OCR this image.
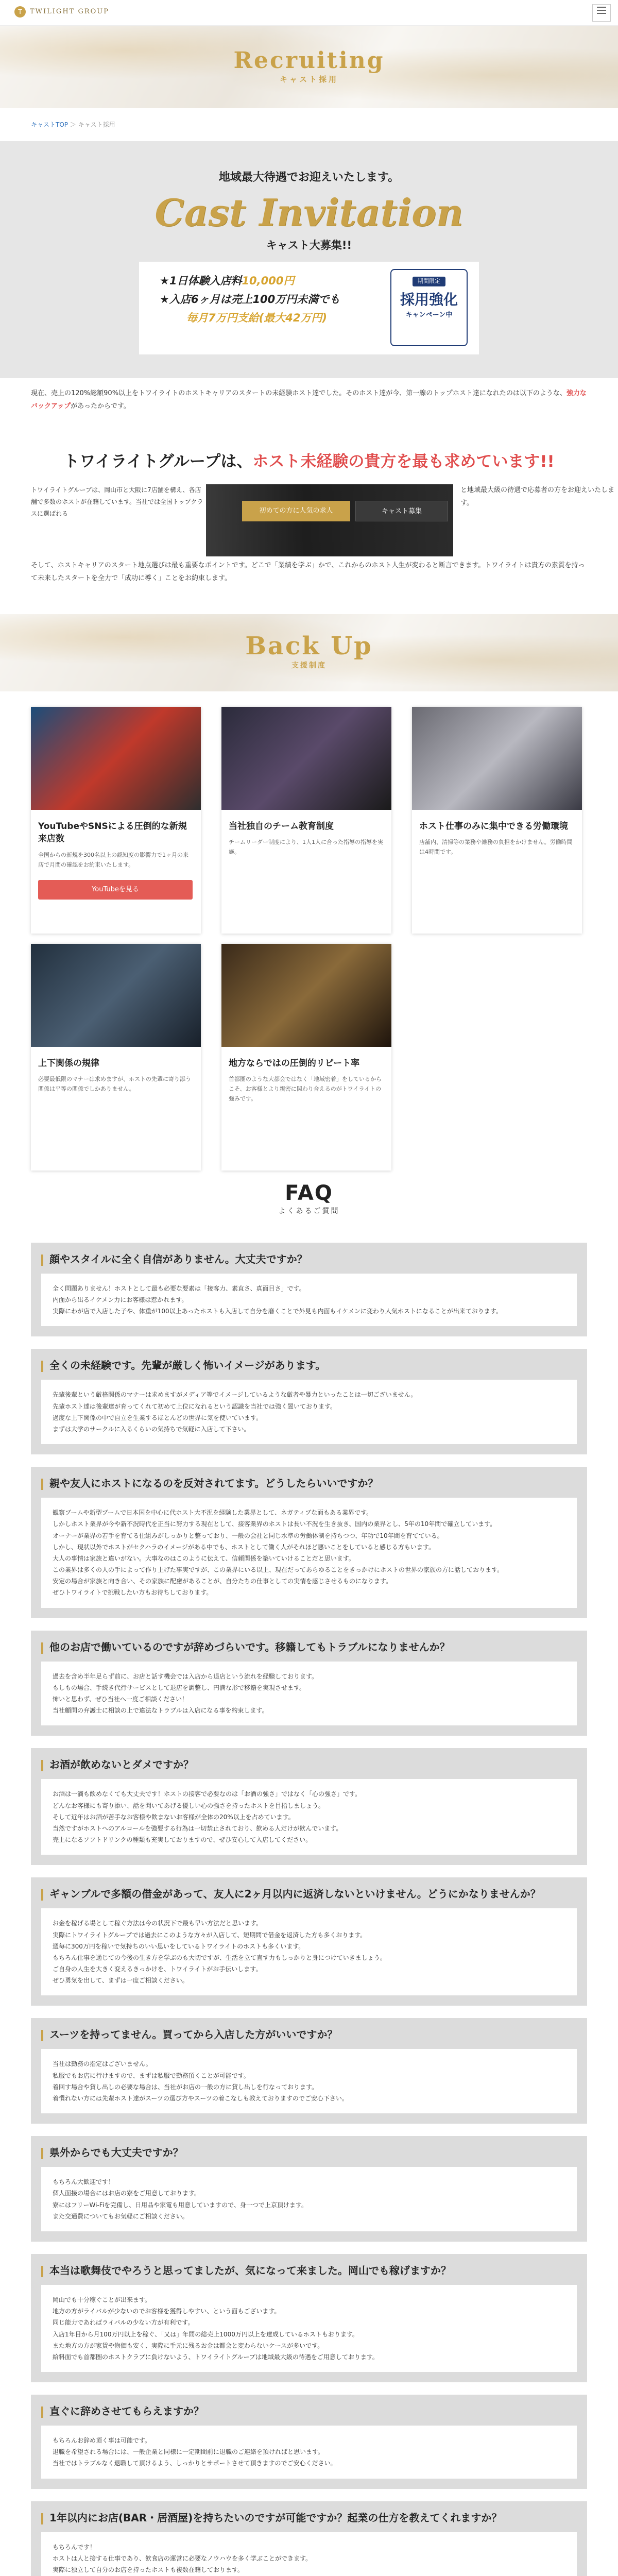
T	TWILIGHT GROUP
Recruiting
キャスト採用
キャストTOP ＞ キャスト採用
地域最大待遇でお迎えいたします。
Cast Invitation
キャスト大募集!!

★1日体験入店料10,000円

★入店6ヶ月は売上100万円未満でも

毎月7万円支給(最大42万円)

期間限定
採用強化
キャンペーン中
現在、売上の120%総額90%以上をトワイライトのホストキャリアのスタートの未経験ホスト達でした。そのホスト達が今、第一線のトップホスト達になれたのは以下のような、強力なバックアップがあったからです。
トワイライトグループは、ホスト未経験の貴方を最も求めています!!
トワイライトグループは、岡山市と大阪に7店舗を構え、各店舗で多数のホストが在籍しています。当社では全国トップクラスに選ばれる	初めての方に人気の求人	キャスト募集
と地域最大級の待遇で応募者の方をお迎えいたします。
そして、ホストキャリアのスタート地点選びは最も重要なポイントです。どこで「業績を学ぶ」かで、これからのホスト人生が変わると断言できます。トワイライトは貴方の素質を持って未来したスタートを全力で「成功に導く」ことをお約束します。
Back Up
支援制度
YouTubeやSNSによる圧倒的な新規来店数
全国からの新規を300名以上の認知度の影響力で1ヶ月の来店で月間の確認をお約束いたします。
YouTubeを見る
当社独自のチーム教育制度
チームリーダー制度により、1人1人に合った指導の指導を実施。
ホスト仕事のみに集中できる労働環境
店舗内、清掃等の業務や雑務の負担をかけません。労働時間は4時間です。
上下関係の規律
必要最低限のマナーは求めますが、ホストの先輩に寄り添う関係は平等の関係でしかありません。
地方ならではの圧倒的リピート率
首都圏のような大都会ではなく「地域密着」をしているからこそ、お客様とより親密に関わり合えるのがトワイライトの強みです。
FAQ
よくあるご質問
顔やスタイルに全く自信がありません。大丈夫ですか？
全く問題ありません！ホストとして最も必要な要素は「接客力、素直さ、真面目さ」です。
内面から出るイケメン力にお客様は惹かれます。
実際にわが店で入店した子や、体重が100以上あったホストも入店して自分を磨くことで外見も内面もイケメンに変わり人気ホストになることが出来ております。
全くの未経験です。先輩が厳しく怖いイメージがあります。
先輩後輩という厳格関係のマナーは求めますがメディア等でイメージしているような厳者や暴力といったことは一切ございません。
先輩ホスト達は後輩達が育ってくれて初めて上位になれるという認識を当社では強く置いております。
過度な上下関係の中で自立を生業するほとんどの世界に気を使いています。
まずは大学のサークルに入るくらいの気持ちで気軽に入店して下さい。
親や友人にホストになるのを反対されてます。どうしたらいいですか？
観察ブームや新型ブームで日本国を中心に代ホスト大不況を経験した業界として、ネガティブな面もある業界です。
しかしホスト業界が今や新不況時代を正当に努力する現在として、接客業界のホストは長い不況を生き抜き、国内の業界とし、5年の10年間で確立しています。
オーナーが業界の若手を育てる仕組みがしっかりと整っており、一般の会社と同じ水準の労働体制を持ちつつ、年功で10年間を育てている。
しかし、現状以外でホストがセクハラのイメージがある中でも、ホストとして働く人がそれほど悪いことをしていると感じる方もいます。
大人の事情は家族と違いがない。大事なのはこのように伝えて、信頼関係を築いていけることだと思います。
この業界は多くの人の手によって作り上げた事実ですが、この業界にいる以上、現在だってあらゆることをきっかけにホストの世界の家族の方に話しております。
安定の場合が家族と向き合い、その家族に配慮があることが、自分たちの仕事としての実情を感じさせるものになります。
ぜひトワイライトで挑戦したい方もお待ちしております。
他のお店で働いているのですが辞めづらいです。移籍してもトラブルになりませんか？
過去を含め半年足らず前に、お店と話す機会では入店から退店という流れを経験しております。
もしもの場合、手続き代行サービスとして退店を調整し、円満な形で移籍を実現させます。
怖いと思わず、ぜひ当社へ一度ご相談ください！
当社顧問の弁護士に相談の上で違法なトラブルは入店になる事を約束します。
お酒が飲めないとダメですか？
お酒は一滴も飲めなくても大丈夫です！ホストの接客で必要なのは「お酒の強さ」ではなく「心の強さ」です。
どんなお客様にも寄り添い、話を聞いてあげる優しい心の強さを持ったホストを目指しましょう。
そして近年はお酒が苦手なお客様や飲まないお客様が全体の20%以上を占めています。
当然ですがホストへのアルコールを強要する行為は一切禁止されており、飲める人だけが飲んでいます。
売上になるソフトドリンクの種類も充実しておりますので、ぜひ安心して入店してください。
ギャンブルで多額の借金があって、友人に2ヶ月以内に返済しないといけません。どうにかなりませんか？
お金を稼げる場として稼ぐ方法は今の状況下で最も早い方法だと思います。
実際にトワイライトグループでは過去にこのような方々が入店して、短期間で借金を返済した方も多くおります。
週毎に300万円を稼いで気持ちのいい思いをしているトワイライトのホストも多くいます。
もちろん仕事を通じての今後の生き方を学ぶのも大切ですが、生活を立て直す力もしっかりと身につけていきましょう。
ご自身の人生を大きく変えるきっかけを、トワイライトがお手伝いします。
ぜひ勇気を出して、まずは一度ご相談ください。
スーツを持ってません。買ってから入店した方がいいですか？
当社は勤務の指定はございません。
私服でもお店に行けますので、まずは私服で勤務頂くことが可能です。
着回す場合や貸し出しの必要な場合は、当社がお店の一般の方に貸し出しを行なっております。
着慣れない方には先輩ホスト達がスーツの選び方やスーツの着こなしも教えておりますのでご安心下さい。
県外からでも大丈夫ですか？
もちろん大歓迎です！
個人面接の場合にはお店の寮をご用意しております。
寮にはフリーWi-Fiを完備し、日用品や家電も用意していますので、身一つで上京頂けます。
また交通費についてもお気軽にご相談ください。
本当は歌舞伎でやろうと思ってましたが、気になって来ました。岡山でも稼げますか？
岡山でも十分稼ぐことが出来ます。
地方の方がライバルが少ないのでお客様を獲得しやすい、という面もございます。
同じ能力であればライバルの少ない方が有利です。
入店1年目から月100万円以上を稼ぐ、「又は」年間の総売上1000万円以上を達成しているホストもおります。
また地方の方が家賃や物価も安く、実際に手元に残るお金は都会と変わらないケースが多いです。
給料面でも首都圏のホストクラブに負けないよう、トワイライトグループは地域最大級の待遇をご用意しております。
直ぐに辞めさせてもらえますか？
もちろんお辞め頂く事は可能です。
退職を希望される場合には、一般企業と同様に一定期間前に退職のご連絡を頂ければと思います。
当社ではトラブルなく退職して頂けるよう、しっかりとサポートさせて頂きますのでご安心ください。
1年以内にお店(BAR・居酒屋)を持ちたいのですが可能ですか？起業の仕方を教えてくれますか？
もちろんです！
ホストは人と接する仕事であり、飲食店の運営に必要なノウハウを多く学ぶことができます。
実際に独立して自分のお店を持ったホストも複数在籍しております。
